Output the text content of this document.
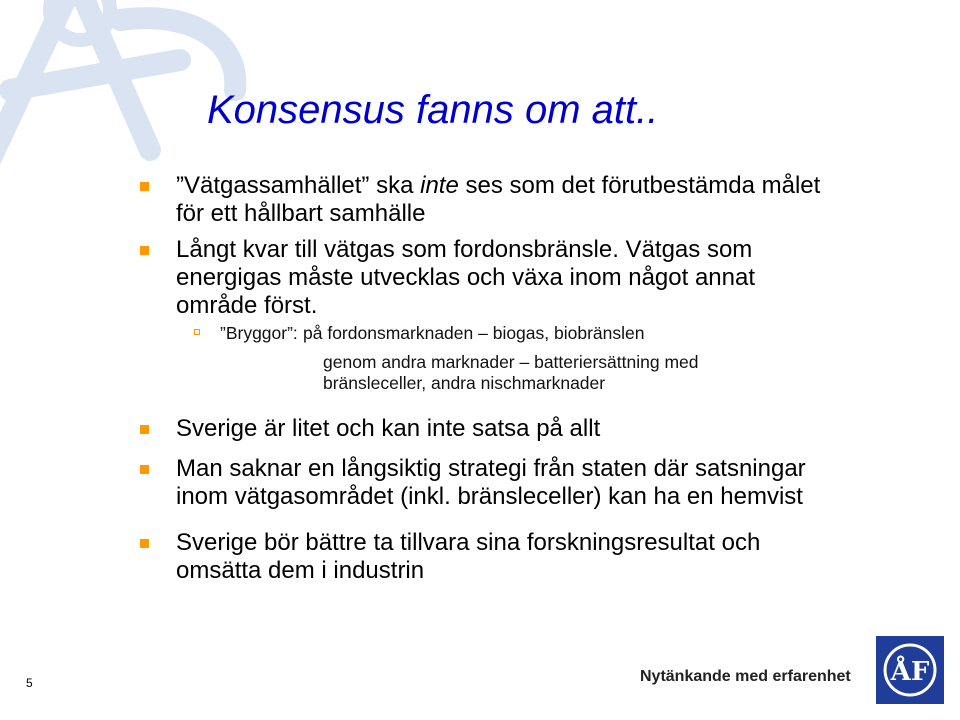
Konsensus fanns om att..
”Vätgassamhället” ska inte ses som det förutbestämda målet
för ett hållbart samhälle
Långt kvar till vätgas som fordonsbränsle. Vätgas som
energigas måste utvecklas och växa inom något annat
område först.
”Bryggor”: på fordonsmarknaden – biogas, biobränslen
genom andra marknader – batteriersättning med
bränsleceller, andra nischmarknader
Sverige är litet och kan inte satsa på allt
Man saknar en långsiktig strategi från staten där satsningar
inom vätgasområdet (inkl. bränsleceller) kan ha en hemvist
Sverige bör bättre ta tillvara sina forskningsresultat och
omsätta dem i industrin
5	Nytänkande med erfarenhet ÅF
